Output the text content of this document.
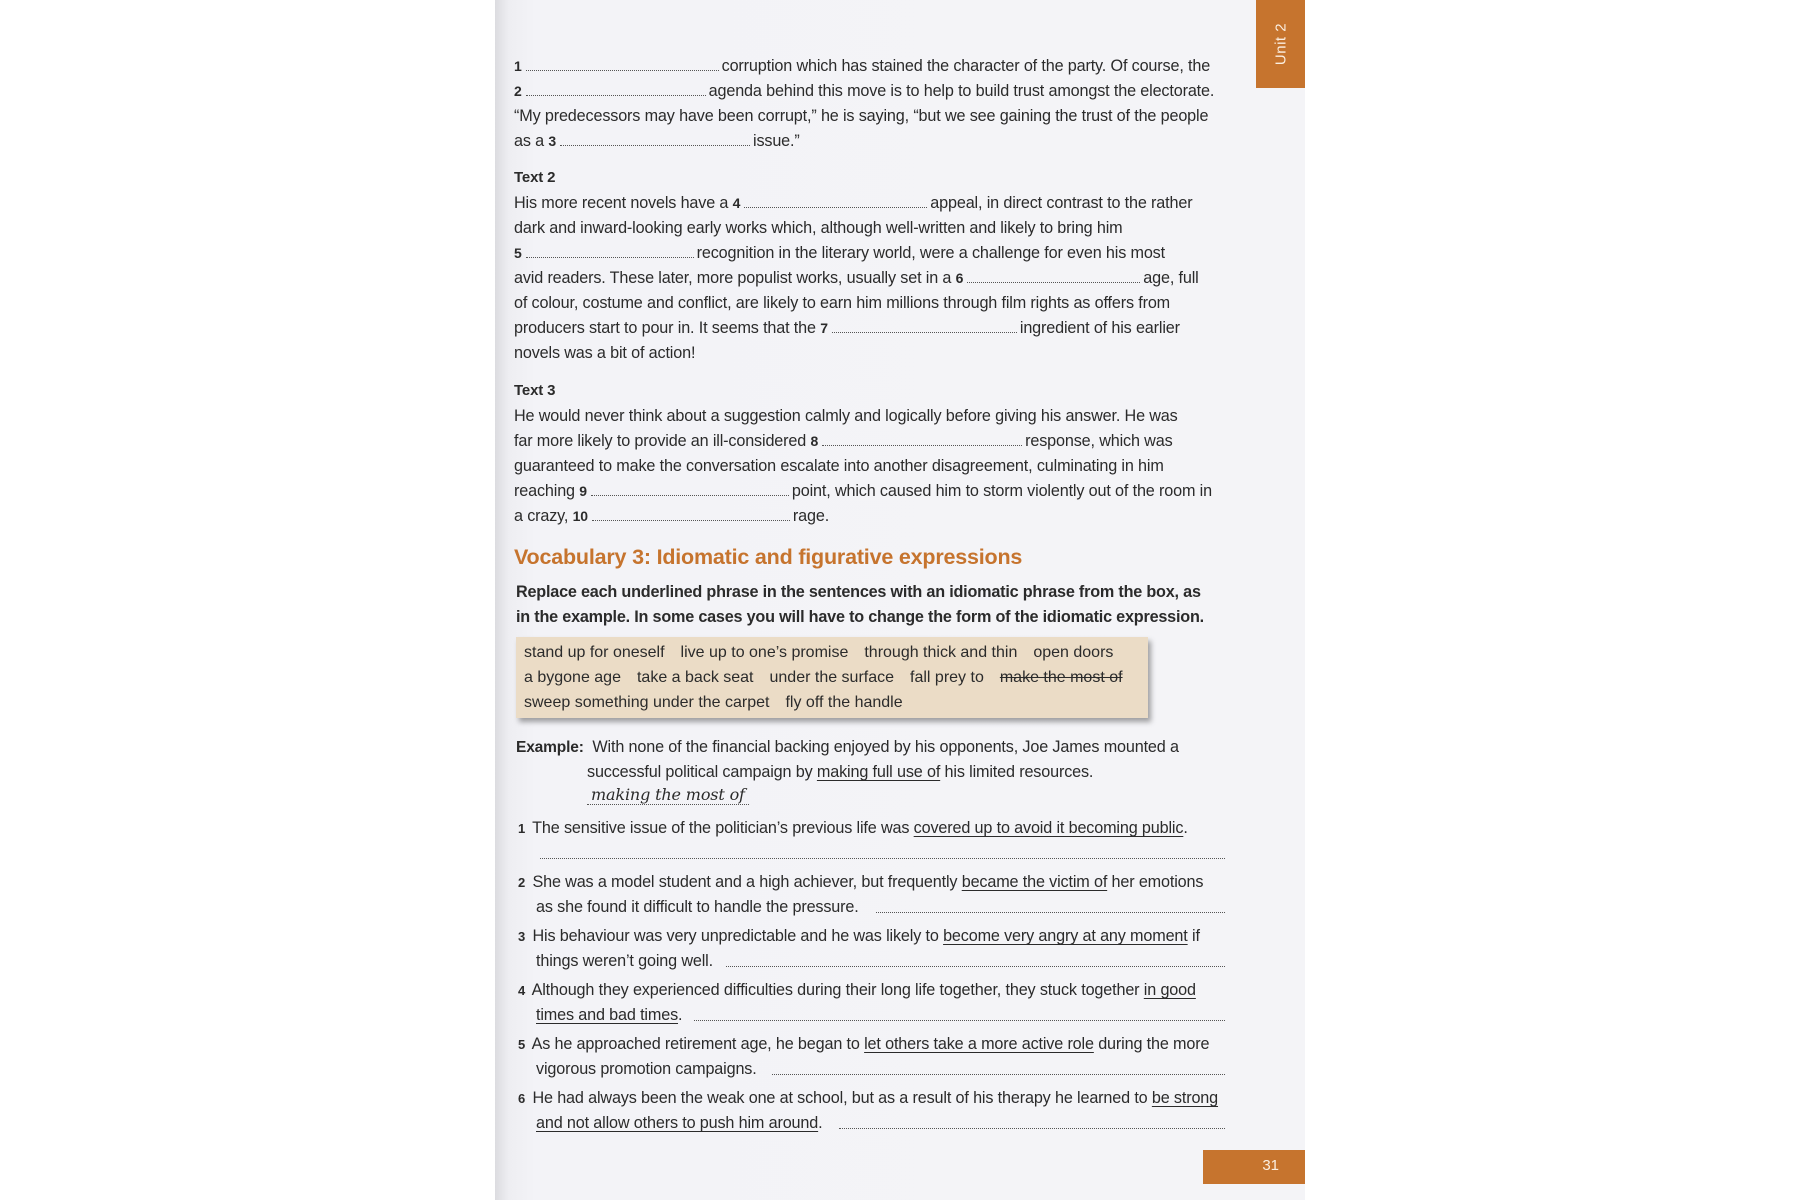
Unit 2
31
1	corruption which has stained the character of the party. Of course, the
2	agenda behind this move is to help to build trust amongst the electorate.
“My predecessors may have been corrupt,” he is saying, “but we see gaining the trust of the people
as a 3	issue.”
Text 2
His more recent novels have a 4	appeal, in direct contrast to the rather
dark and inward-looking early works which, although well-written and likely to bring him
5	recognition in the literary world, were a challenge for even his most
avid readers. These later, more populist works, usually set in a 6	age, full
of colour, costume and conflict, are likely to earn him millions through film rights as offers from
producers start to pour in. It seems that the 7	ingredient of his earlier
novels was a bit of action!
Text 3
He would never think about a suggestion calmly and logically before giving his answer. He was
far more likely to provide an ill-considered 8	response, which was
guaranteed to make the conversation escalate into another disagreement, culminating in him
reaching 9	point, which caused him to storm violently out of the room in
a crazy, 10	rage.
Vocabulary 3: Idiomatic and figurative expressions
Replace each underlined phrase in the sentences with an idiomatic phrase from the box, as
in the example. In some cases you will have to change the form of the idiomatic expression.
stand up for oneself live up to one’s promise through thick and thin open doors
a bygone age take a back seat under the surface fall prey to make the most of
sweep something under the carpet fly off the handle
Example: With none of the financial backing enjoyed by his opponents, Joe James mounted a
successful political campaign by making full use of his limited resources.
making the most of
1 The sensitive issue of the politician’s previous life was covered up to avoid it becoming public.
2 She was a model student and a high achiever, but frequently became the victim of her emotions
as she found it difficult to handle the pressure.
3 His behaviour was very unpredictable and he was likely to become very angry at any moment if
things weren’t going well.
4 Although they experienced difficulties during their long life together, they stuck together in good
times and bad times.
5 As he approached retirement age, he began to let others take a more active role during the more
vigorous promotion campaigns.
6 He had always been the weak one at school, but as a result of his therapy he learned to be strong
and not allow others to push him around.
